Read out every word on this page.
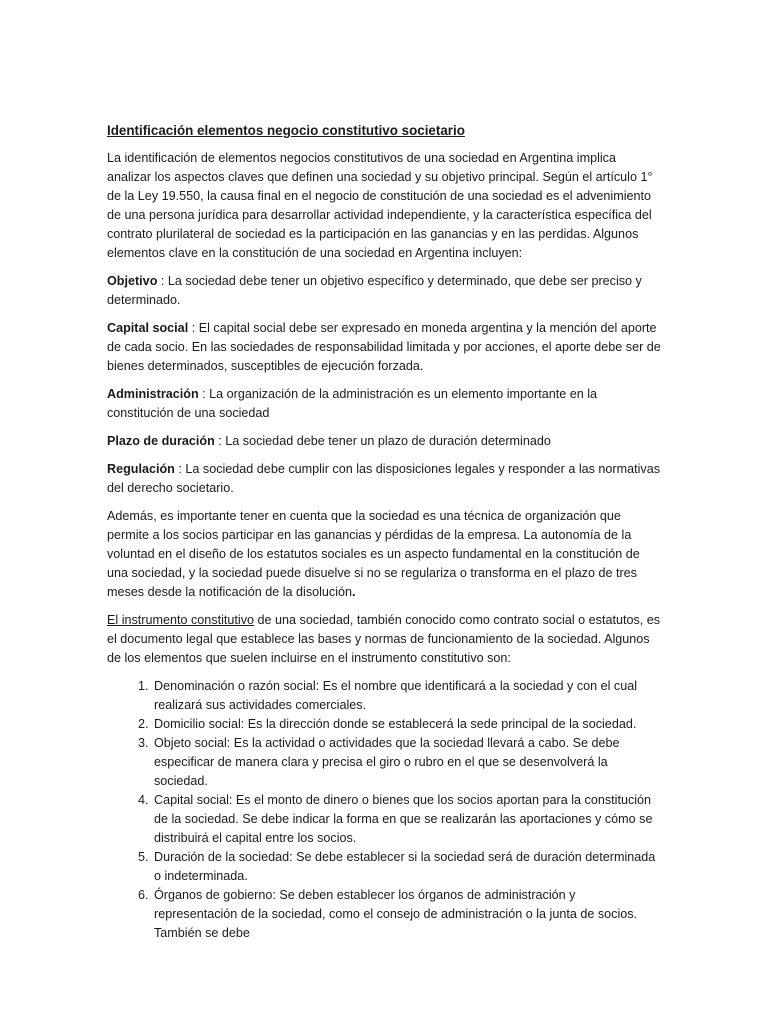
Identificación elementos negocio constitutivo societario

La identificación de elementos negocios constitutivos de una sociedad en Argentina implica analizar los aspectos claves que definen una sociedad y su objetivo principal. Según el artículo 1° de la Ley 19.550, la causa final en el negocio de constitución de una sociedad es el advenimiento de una persona jurídica para desarrollar actividad independiente, y la característica específica del contrato plurilateral de sociedad es la participación en las ganancias y en las perdidas. Algunos elementos clave en la constitución de una sociedad en Argentina incluyen:

Objetivo : La sociedad debe tener un objetivo específico y determinado, que debe ser preciso y determinado.

Capital social : El capital social debe ser expresado en moneda argentina y la mención del aporte de cada socio. En las sociedades de responsabilidad limitada y por acciones, el aporte debe ser de bienes determinados, susceptibles de ejecución forzada.

Administración : La organización de la administración es un elemento importante en la constitución de una sociedad

Plazo de duración : La sociedad debe tener un plazo de duración determinado

Regulación : La sociedad debe cumplir con las disposiciones legales y responder a las normativas del derecho societario.

Además, es importante tener en cuenta que la sociedad es una técnica de organización que permite a los socios participar en las ganancias y pérdidas de la empresa. La autonomía de la voluntad en el diseño de los estatutos sociales es un aspecto fundamental en la constitución de una sociedad, y la sociedad puede disuelve si no se regulariza o transforma en el plazo de tres meses desde la notificación de la disolución.

El instrumento constitutivo de una sociedad, también conocido como contrato social o estatutos, es el documento legal que establece las bases y normas de funcionamiento de la sociedad. Algunos de los elementos que suelen incluirse en el instrumento constitutivo son:

1. Denominación o razón social: Es el nombre que identificará a la sociedad y con el cual realizará sus actividades comerciales.
2. Domicilio social: Es la dirección donde se establecerá la sede principal de la sociedad.
3. Objeto social: Es la actividad o actividades que la sociedad llevará a cabo. Se debe especificar de manera clara y precisa el giro o rubro en el que se desenvolverá la sociedad.
4. Capital social: Es el monto de dinero o bienes que los socios aportan para la constitución de la sociedad. Se debe indicar la forma en que se realizarán las aportaciones y cómo se distribuirá el capital entre los socios.
5. Duración de la sociedad: Se debe establecer si la sociedad será de duración determinada o indeterminada.
6. Órganos de gobierno: Se deben establecer los órganos de administración y representación de la sociedad, como el consejo de administración o la junta de socios. También se debe
